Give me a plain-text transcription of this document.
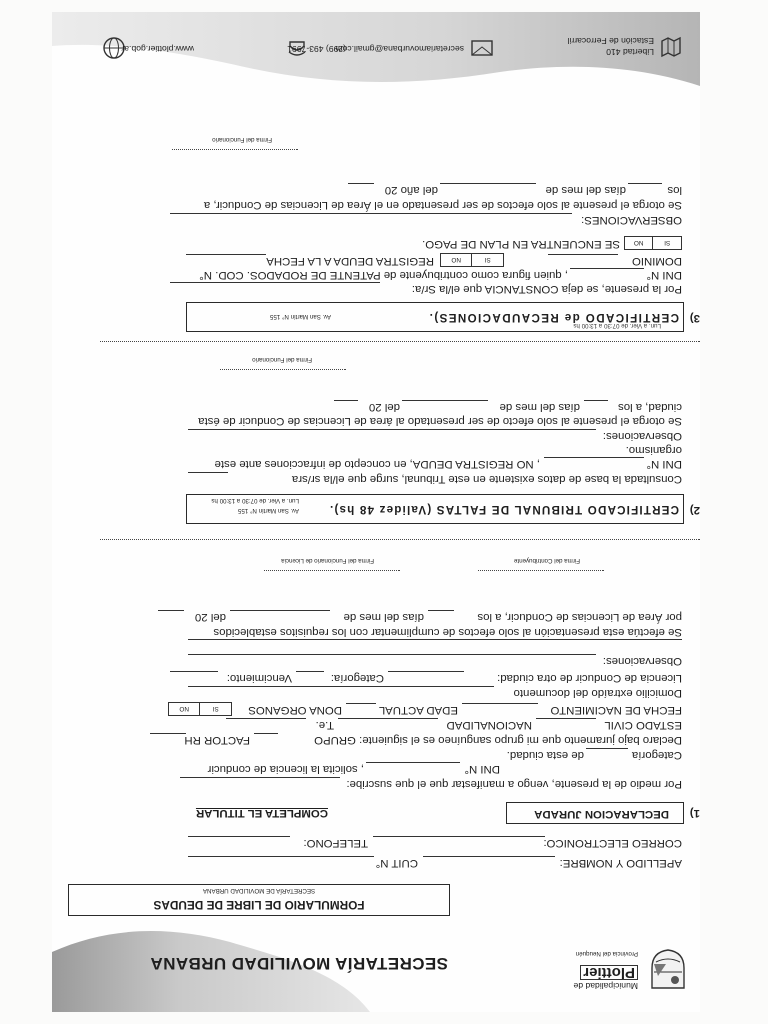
Municipalidad de
Plottier
Provincia del Neuquén
SECRETARÍA MOVILIDAD URBANA
FORMULARIO DE LIBRE DE DEUDAS
SECRETARÍA DE MOVILIDAD URBANA
APELLIDO Y NOMBRE:
CUIT N°
CORREO ELECTRONICO:
TELEFONO:
1)
DECLARACION JURADA
COMPLETA EL TITULAR
Por medio de la presente, vengo a manifestar que el que suscribe:
DNI N°
, solicita la licencia de conducir
Categoría
de esta ciudad.
Declaro bajo juramento que mi grupo sanguíneo es el siguiente: GRUPO
FACTOR RH
ESTADO CIVIL
NACIONALIDAD
T.e.
FECHA DE NACIMIENTO
EDAD ACTUAL
DONA ORGANOS
SI
NO
Domicilio extraído del documento
Licencia de Conducir de otra ciudad:
Categoría:
Vencimiento:
Observaciones:
Se efectúa esta presentación al solo efectos de cumplimentar con los requisitos establecidos
por Área de Licencias de Conducir, a los
días del mes de
del 20
Firma del Funcionario de Licencia	Firma del Contribuyente
2)
CERTIFICADO TRIBUNAL DE FALTAS (Validez 48 hs).
Av. San Martín N° 155
Lun. a Vier. de 07:30 a 13:00 hs
Consultada la base de datos existente en este Tribunal, surge que el/la sr/sra
DNI N°
, NO REGISTRA DEUDA, en concepto de infracciones ante este
organismo.
Observaciones:
Se otorga el presente al solo efecto de ser presentado al área de Licencias de Conducir de ésta
ciudad, a los
días del mes de
del 20
Firma del Funcionario
3)
CERTIFICADO de RECAUDACIONES).
Av. San Martín N° 155
Lun. a Vier. de 07:30 a 13:00 hs
Por la presente, se deja CONSTANCIA que el/la Sr/a:
DNI N°
, quien figura como contribuyente de PATENTE DE RODADOS. COD. N°
DOMINIO
SI
NO
REGISTRA DEUDA A LA FECHA
SI
NO
SE ENCUENTRA EN PLAN DE PAGO.
OBSERVACIONES:
Se otorga el presente al solo efectos de ser presentado en el Área de Licencias de Conducir, a
los
días del mes de
del año 20
Firma del Funcionario
Libertad 410
Estación de Ferrocarril
secretariamovurbana@gmail.com
(299) 493-7991
www.plottier.gob.ar
